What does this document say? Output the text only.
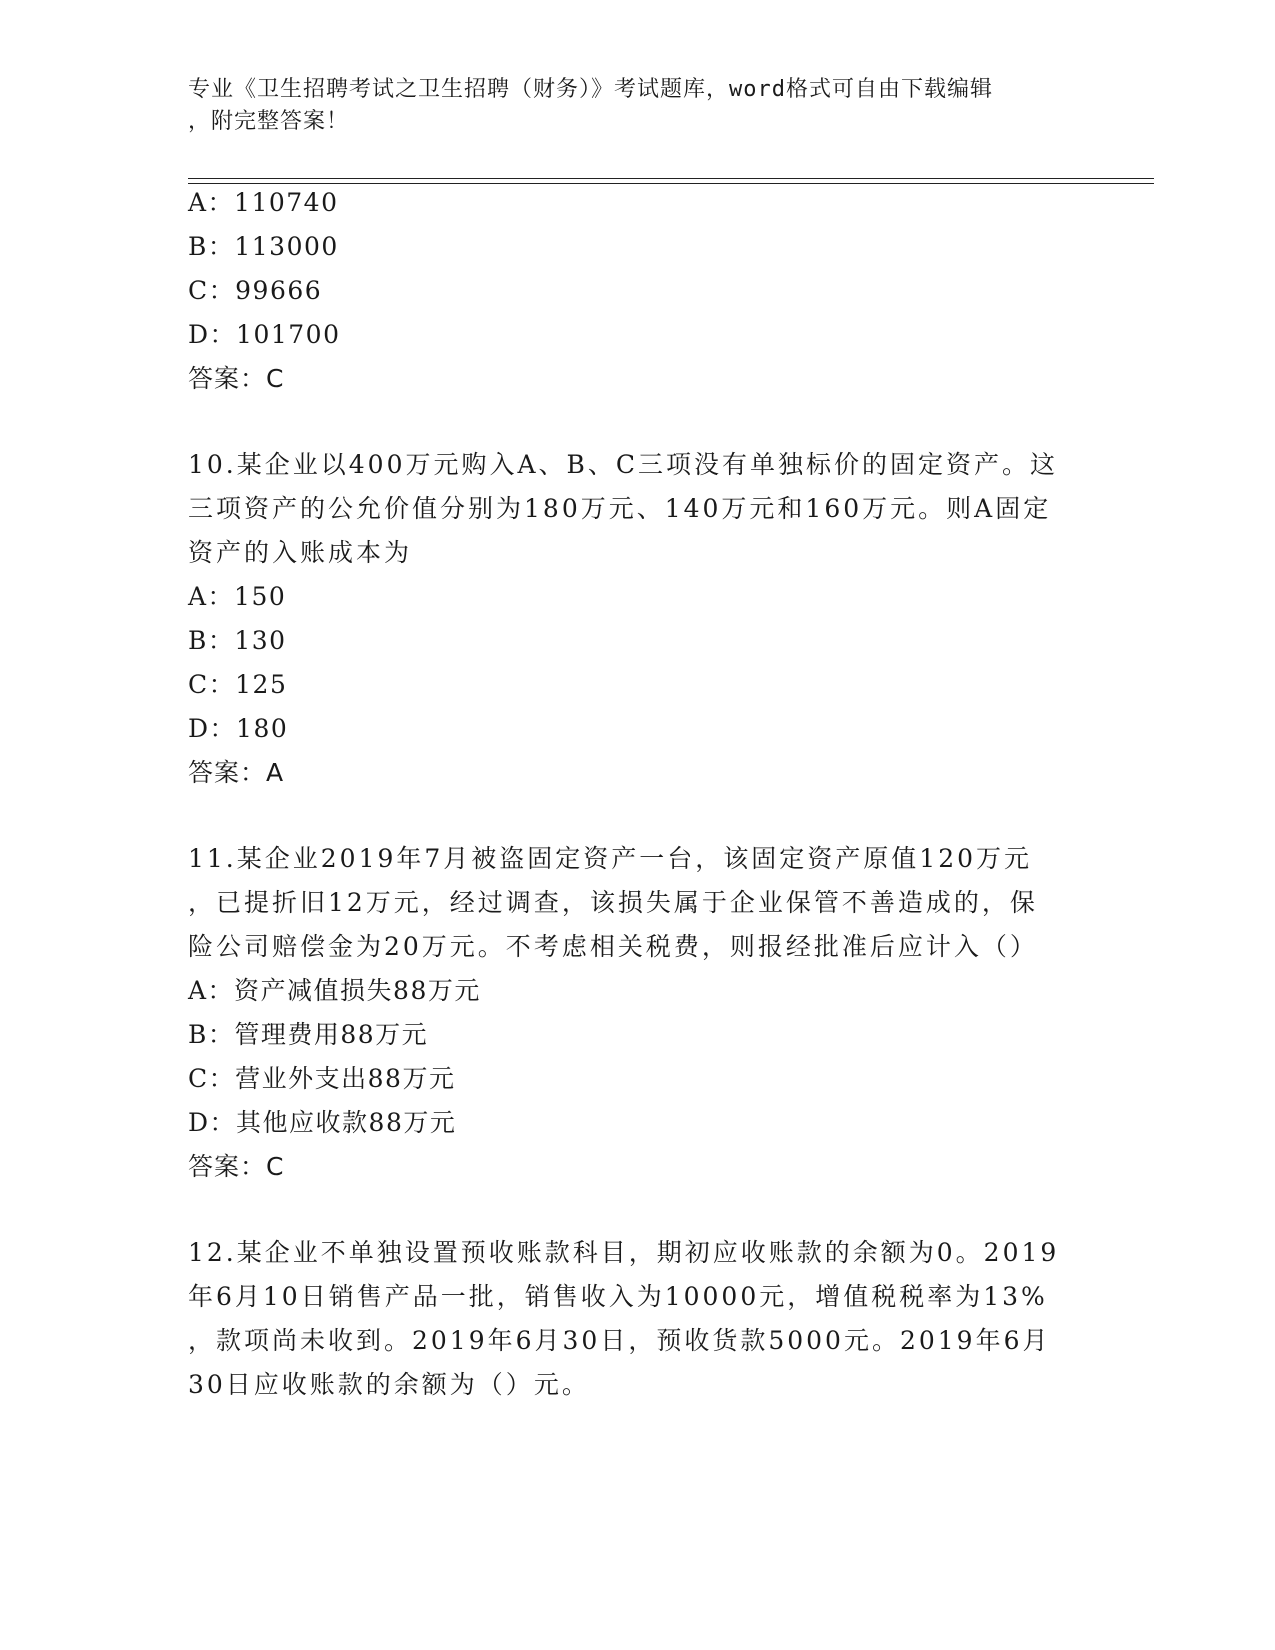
专业《卫生招聘考试之卫生招聘（财务）》考试题库，word格式可自由下载编辑
，附完整答案！
A：110740
B：113000
C：99666
D：101700
答案：C
10.某企业以400万元购入A、B、C三项没有单独标价的固定资产。这
三项资产的公允价值分别为180万元、140万元和160万元。则A固定
资产的入账成本为
A：150
B：130
C：125
D：180
答案：A
11.某企业2019年7月被盗固定资产一台，该固定资产原值120万元
，已提折旧12万元，经过调查，该损失属于企业保管不善造成的，保
险公司赔偿金为20万元。不考虑相关税费，则报经批准后应计入（）
A：资产减值损失88万元
B：管理费用88万元
C：营业外支出88万元
D：其他应收款88万元
答案：C
12.某企业不单独设置预收账款科目，期初应收账款的余额为0。2019
年6月10日销售产品一批，销售收入为10000元，增值税税率为13%
，款项尚未收到。2019年6月30日，预收货款5000元。2019年6月
30日应收账款的余额为（）元。
